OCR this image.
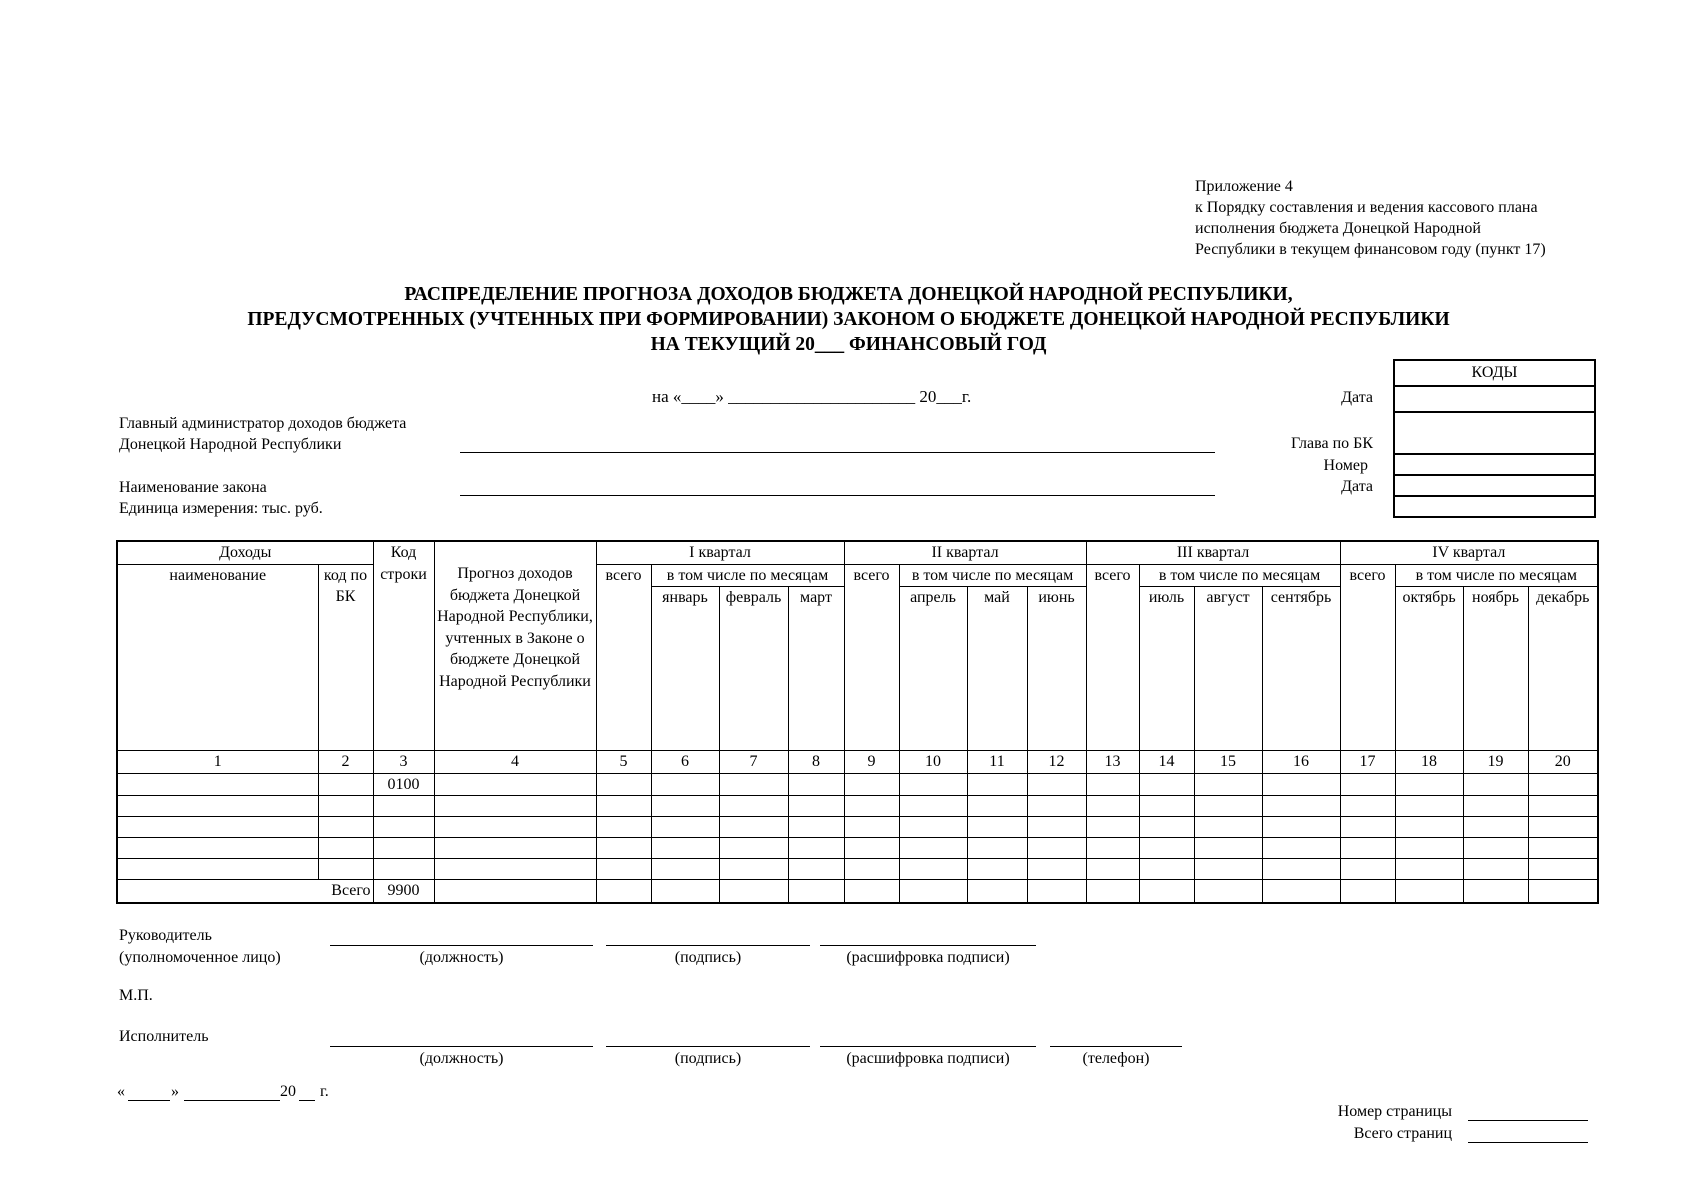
Приложение 4
к Порядку составления и ведения кассового плана
исполнения бюджета Донецкой Народной
Республики в текущем финансовом году (пункт 17)
РАСПРЕДЕЛЕНИЕ ПРОГНОЗА ДОХОДОВ БЮДЖЕТА ДОНЕЦКОЙ НАРОДНОЙ РЕСПУБЛИКИ,
ПРЕДУСМОТРЕННЫХ (УЧТЕННЫХ ПРИ ФОРМИРОВАНИИ) ЗАКОНОМ О БЮДЖЕТЕ ДОНЕЦКОЙ НАРОДНОЙ РЕСПУБЛИКИ
НА ТЕКУЩИЙ 20___ ФИНАНСОВЫЙ ГОД
на «____» ______________________ 20___г.
Главный администратор доходов бюджета
Донецкой Народной Республики
Наименование закона
Единица измерения: тыс. руб.
Дата
Глава по БК
Номер
Дата
КОДЫ

Доходы		Код	Прогноз доходов бюджета Донецкой Народной Республики, учтенных в Законе о бюджете Донецкой Народной Республики	I квартал				II квартал				III квартал				IV квартал			
наименование	код по БК	строки		всего	в том числе по месяцам			всего	в том числе по месяцам			всего	в том числе по месяцам			всего	в том числе по месяцам		
					январь	февраль	март		апрель	май	июнь		июль	август	сентябрь		октябрь	ноябрь	декабрь
1	2	3	4	5	6	7	8	9	10	11	12	13	14	15	16	17	18	19	20
		0100																	

Всего		9900																	
Руководитель
(уполномоченное лицо)	(должность)	(подпись)	(расшифровка подписи)
М.П.
Исполнитель
(должность)	(подпись)	(расшифровка подписи)	(телефон)
«	»	20 г.
Номер страницы
Всего страниц
